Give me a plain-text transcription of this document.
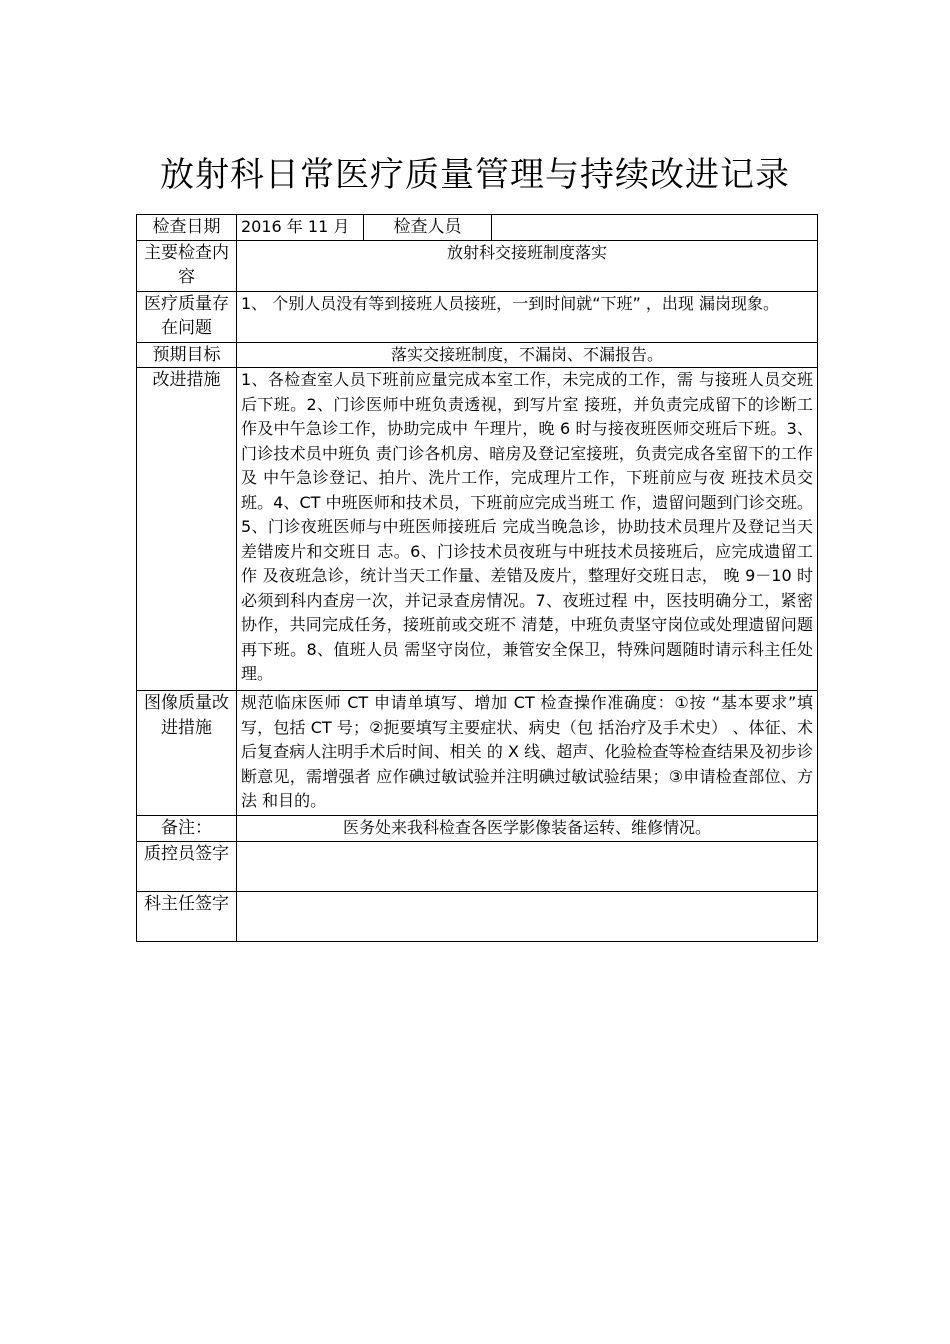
放射科日常医疗质量管理与持续改进记录
检查日期	2016 年 11 月	检查人员	
主要检查内容	放射科交接班制度落实		
医疗质量存在问题	1、 个别人员没有等到接班人员接班，一到时间就“下班” ，出现 漏岗现象。		
预期目标	落实交接班制度，不漏岗、不漏报告。		
改进措施	1、各检查室人员下班前应量完成本室工作，未完成的工作，需 与接班人员交班后下班。2、门诊医师中班负责透视，到写片室 接班，并负责完成留下的诊断工作及中午急诊工作，协助完成中 午理片，晚 6 时与接夜班医师交班后下班。3、门诊技术员中班负 责门诊各机房、暗房及登记室接班，负责完成各室留下的工作及 中午急诊登记、拍片、洗片工作，完成理片工作，下班前应与夜 班技术员交班。4、CT 中班医师和技术员，下班前应完成当班工 作，遗留问题到门诊交班。5、门诊夜班医师与中班医师接班后 完成当晚急诊，协助技术员理片及登记当天差错废片和交班日 志。6、门诊技术员夜班与中班技术员接班后，应完成遗留工作 及夜班急诊，统计当天工作量、差错及废片，整理好交班日志， 晚 9－10 时必须到科内查房一次，并记录查房情况。7、夜班过程 中，医技明确分工，紧密协作，共同完成任务，接班前或交班不 清楚，中班负责坚守岗位或处理遗留问题再下班。8、值班人员 需坚守岗位，兼管安全保卫，特殊问题随时请示科主任处理。		
图像质量改进措施	规范临床医师 CT 申请单填写、增加 CT 检查操作准确度：①按 “基本要求”填写，包括 CT 号；②扼要填写主要症状、病史（包 括治疗及手术史） 、体征、术后复查病人注明手术后时间、相关 的 X 线、超声、化验检查等检查结果及初步诊断意见，需增强者 应作碘过敏试验并注明碘过敏试验结果；③申请检查部位、方法 和目的。		
备注：	医务处来我科检查各医学影像装备运转、维修情况。		
质控员签字			
科主任签字			
